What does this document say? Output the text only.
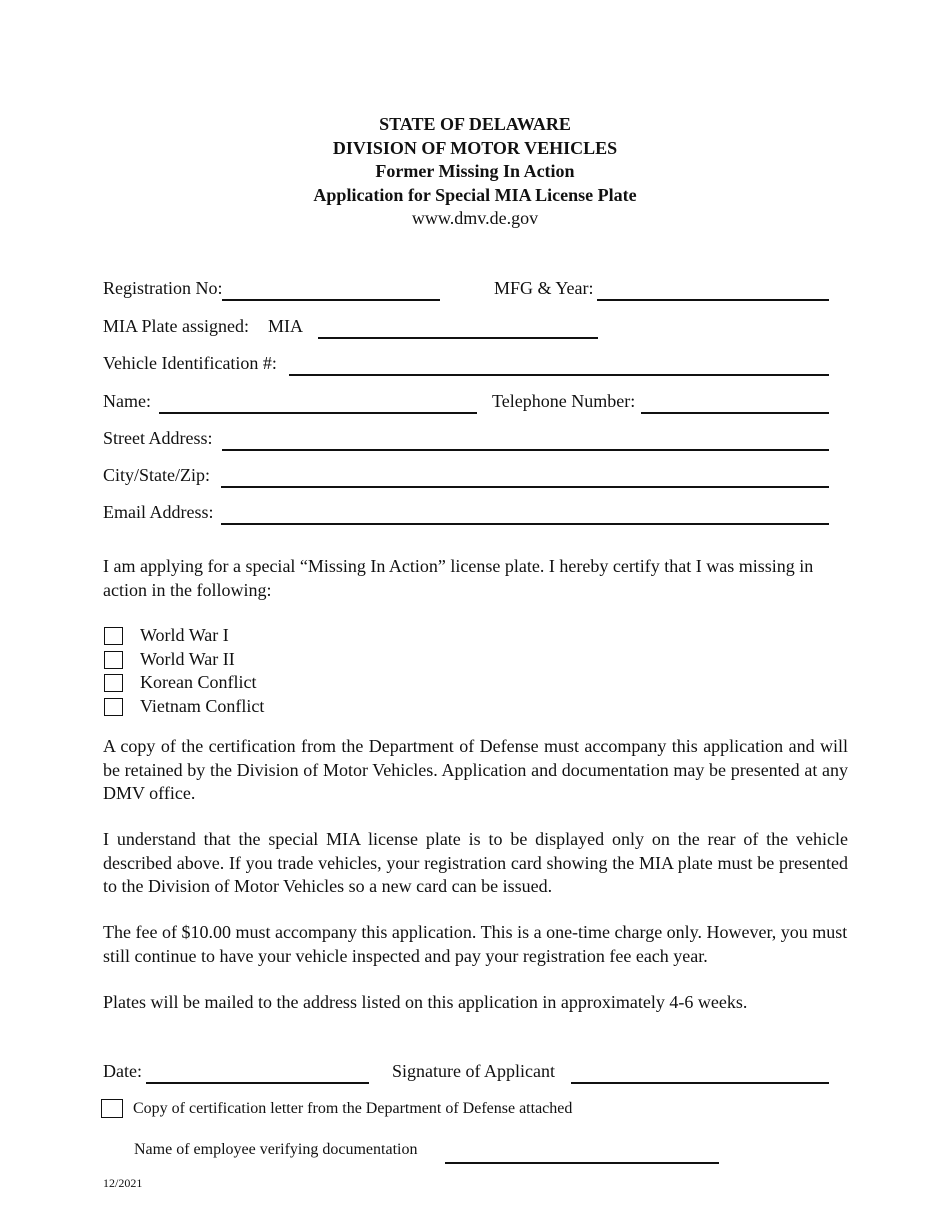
STATE OF DELAWARE
DIVISION OF MOTOR VEHICLES
Former Missing In Action
Application for Special MIA License Plate
www.dmv.de.gov
Registration No:	MFG & Year:
MIA Plate assigned: MIA
Vehicle Identification #:
Name:	Telephone Number:
Street Address:
City/State/Zip:
Email Address:

I am applying for a special “Missing In Action” license plate. I hereby certify that I was missing in action in the following:

World War I
World War II
Korean Conflict
Vietnam Conflict

A copy of the certification from the Department of Defense must accompany this application and will be retained by the Division of Motor Vehicles. Application and documentation may be presented at any DMV office.

I understand that the special MIA license plate is to be displayed only on the rear of the vehicle described above. If you trade vehicles, your registration card showing the MIA plate must be presented to the Division of Motor Vehicles so a new card can be issued.

The fee of $10.00 must accompany this application. This is a one-time charge only. However, you must still continue to have your vehicle inspected and pay your registration fee each year.

Plates will be mailed to the address listed on this application in approximately 4-6 weeks.

Date:	Signature of Applicant
Copy of certification letter from the Department of Defense attached
Name of employee verifying documentation
12/2021
